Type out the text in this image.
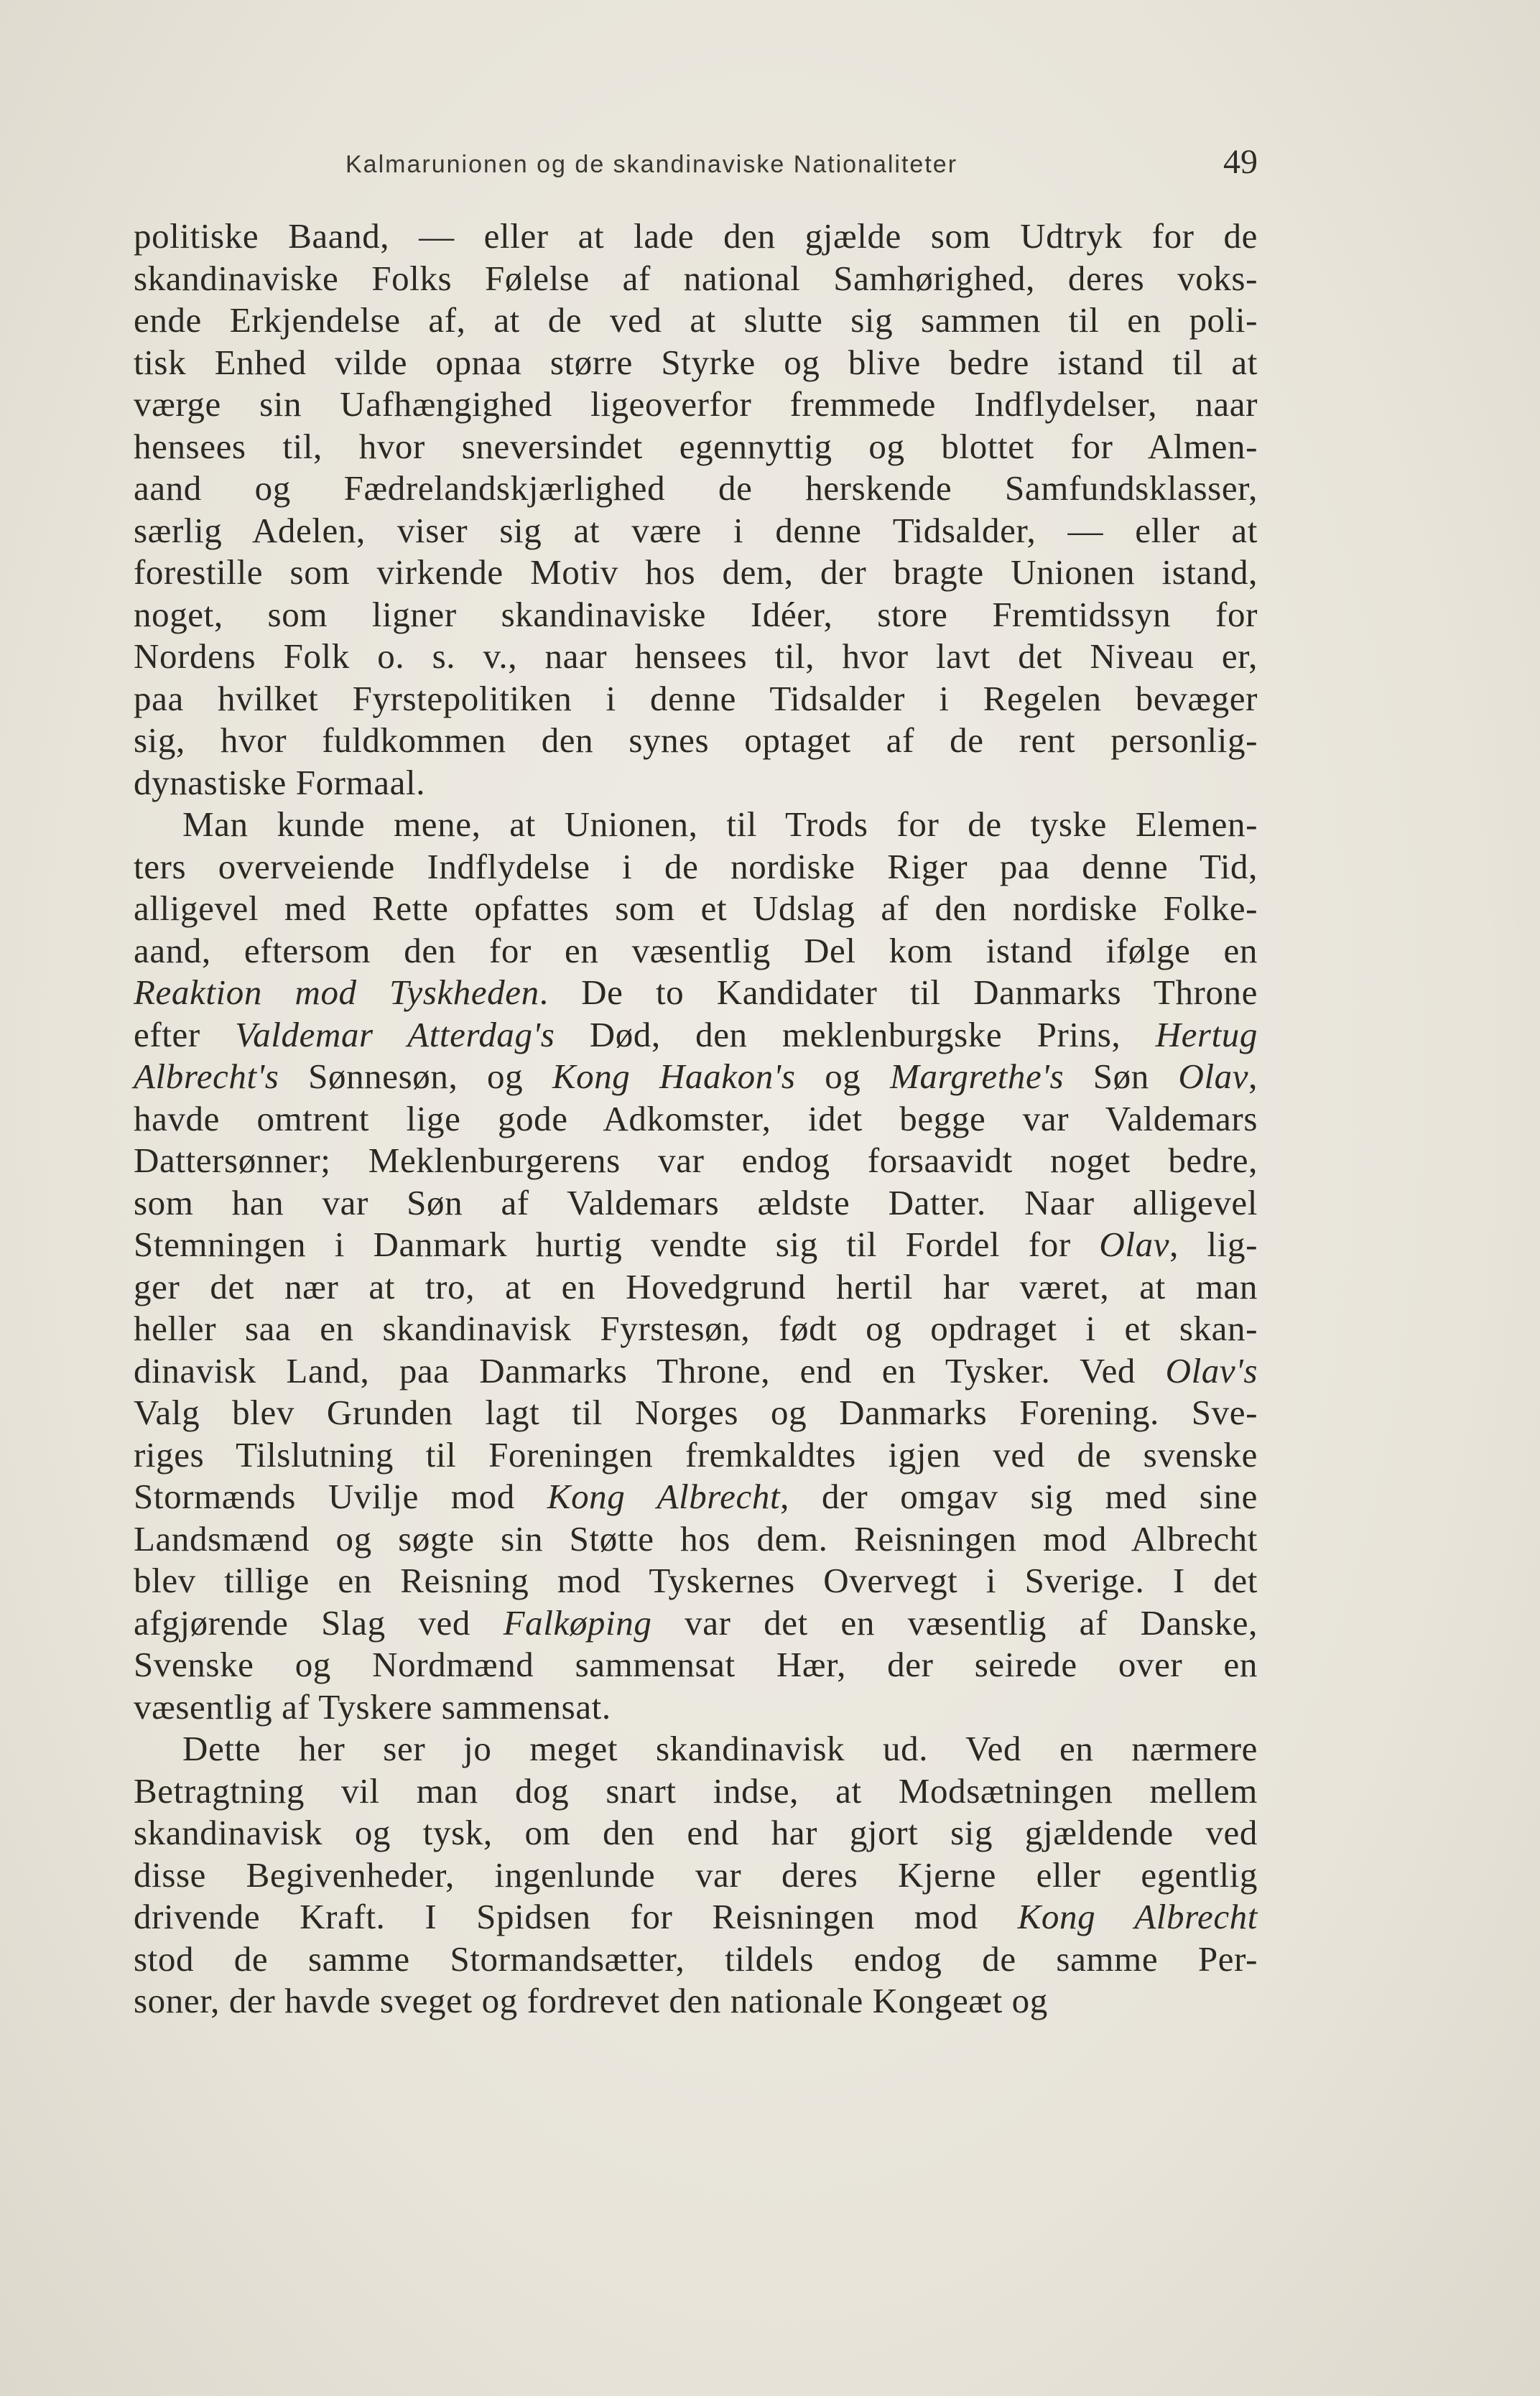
Kalmarunionen og de skandinaviske Nationaliteter	49
politiske Baand, — eller at lade den gjælde som Udtryk for de
skandinaviske Folks Følelse af national Samhørighed, deres voks-
ende Erkjendelse af, at de ved at slutte sig sammen til en poli-
tisk Enhed vilde opnaa større Styrke og blive bedre istand til at
værge sin Uafhængighed ligeoverfor fremmede Indflydelser, naar
hensees til, hvor sneversindet egennyttig og blottet for Almen-
aand og Fædrelandskjærlighed de herskende Samfundsklasser,
særlig Adelen, viser sig at være i denne Tidsalder, — eller at
forestille som virkende Motiv hos dem, der bragte Unionen istand,
noget, som ligner skandinaviske Idéer, store Fremtidssyn for
Nordens Folk o. s. v., naar hensees til, hvor lavt det Niveau er,
paa hvilket Fyrstepolitiken i denne Tidsalder i Regelen bevæger
sig, hvor fuldkommen den synes optaget af de rent personlig-
dynastiske Formaal.
Man kunde mene, at Unionen, til Trods for de tyske Elemen-
ters overveiende Indflydelse i de nordiske Riger paa denne Tid,
alligevel med Rette opfattes som et Udslag af den nordiske Folke-
aand, eftersom den for en væsentlig Del kom istand ifølge en
Reaktion mod Tyskheden. De to Kandidater til Danmarks Throne
efter Valdemar Atterdag's Død, den meklenburgske Prins, Hertug
Albrecht's Sønnesøn, og Kong Haakon's og Margrethe's Søn Olav,
havde omtrent lige gode Adkomster, idet begge var Valdemars
Dattersønner; Meklenburgerens var endog forsaavidt noget bedre,
som han var Søn af Valdemars ældste Datter. Naar alligevel
Stemningen i Danmark hurtig vendte sig til Fordel for Olav, lig-
ger det nær at tro, at en Hovedgrund hertil har været, at man
heller saa en skandinavisk Fyrstesøn, født og opdraget i et skan-
dinavisk Land, paa Danmarks Throne, end en Tysker. Ved Olav's
Valg blev Grunden lagt til Norges og Danmarks Forening. Sve-
riges Tilslutning til Foreningen fremkaldtes igjen ved de svenske
Stormænds Uvilje mod Kong Albrecht, der omgav sig med sine
Landsmænd og søgte sin Støtte hos dem. Reisningen mod Albrecht
blev tillige en Reisning mod Tyskernes Overvegt i Sverige. I det
afgjørende Slag ved Falkøping var det en væsentlig af Danske,
Svenske og Nordmænd sammensat Hær, der seirede over en
væsentlig af Tyskere sammensat.
Dette her ser jo meget skandinavisk ud. Ved en nærmere
Betragtning vil man dog snart indse, at Modsætningen mellem
skandinavisk og tysk, om den end har gjort sig gjældende ved
disse Begivenheder, ingenlunde var deres Kjerne eller egentlig
drivende Kraft. I Spidsen for Reisningen mod Kong Albrecht
stod de samme Stormandsætter, tildels endog de samme Per-
soner, der havde sveget og fordrevet den nationale Kongeæt og
